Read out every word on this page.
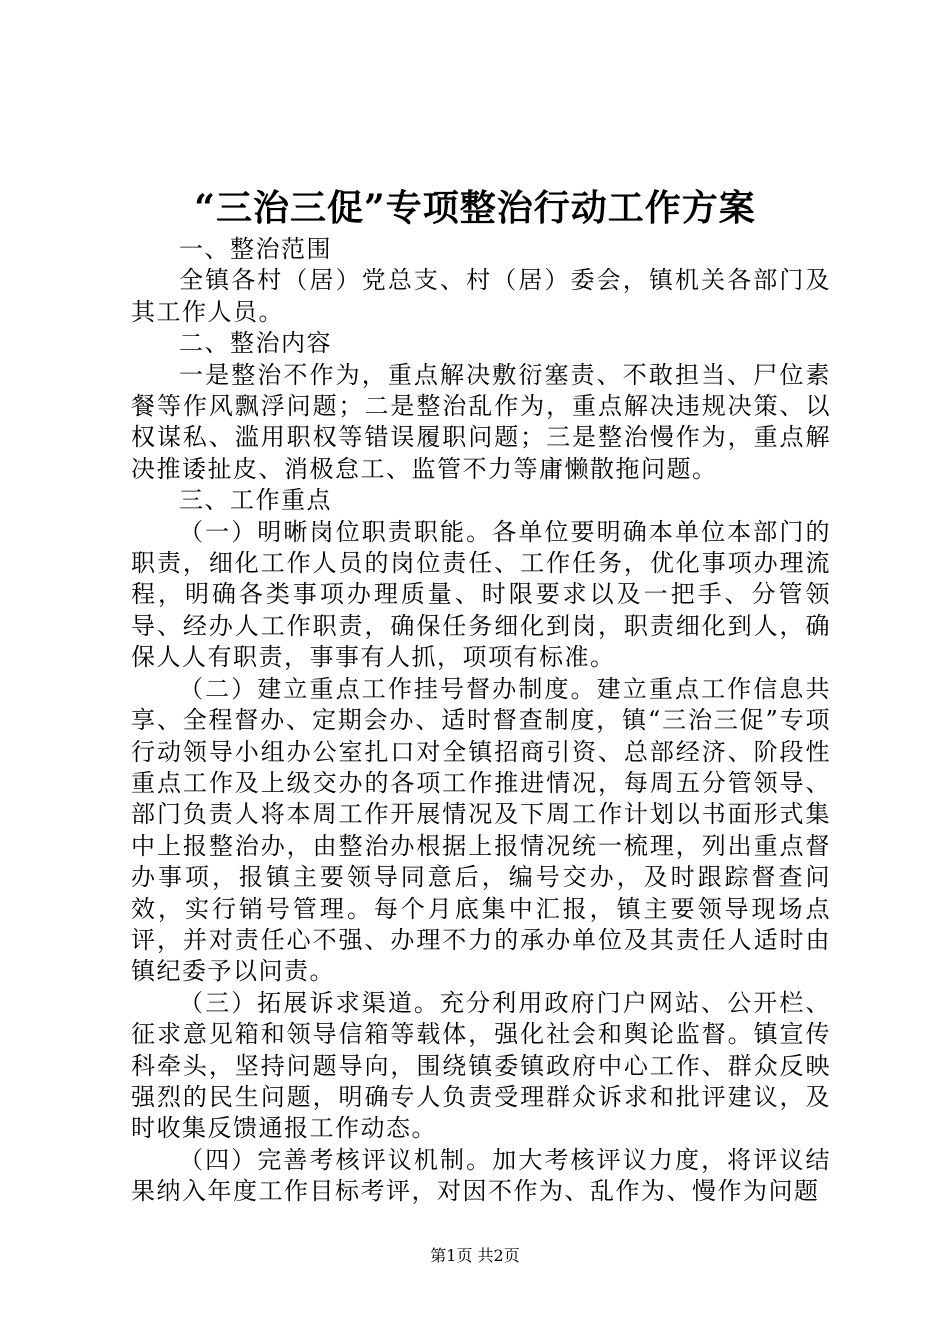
“三治三促”专项整治行动工作方案

一、整治范围

全镇各村（居）党总支、村（居）委会，镇机关各部门及其工作人员。

二、整治内容

一是整治不作为，重点解决敷衍塞责、不敢担当、尸位素餐等作风飘浮问题；二是整治乱作为，重点解决违规决策、以权谋私、滥用职权等错误履职问题；三是整治慢作为，重点解决推诿扯皮、消极怠工、监管不力等庸懒散拖问题。

三、工作重点

（一）明晰岗位职责职能。各单位要明确本单位本部门的职责，细化工作人员的岗位责任、工作任务，优化事项办理流程，明确各类事项办理质量、时限要求以及一把手、分管领导、经办人工作职责，确保任务细化到岗，职责细化到人，确保人人有职责，事事有人抓，项项有标准。

（二）建立重点工作挂号督办制度。建立重点工作信息共享、全程督办、定期会办、适时督查制度，镇“三治三促”专项行动领导小组办公室扎口对全镇招商引资、总部经济、阶段性重点工作及上级交办的各项工作推进情况，每周五分管领导、部门负责人将本周工作开展情况及下周工作计划以书面形式集中上报整治办，由整治办根据上报情况统一梳理，列出重点督办事项，报镇主要领导同意后，编号交办，及时跟踪督查问效，实行销号管理。每个月底集中汇报，镇主要领导现场点评，并对责任心不强、办理不力的承办单位及其责任人适时由镇纪委予以问责。

（三）拓展诉求渠道。充分利用政府门户网站、公开栏、征求意见箱和领导信箱等载体，强化社会和舆论监督。镇宣传科牵头，坚持问题导向，围绕镇委镇政府中心工作、群众反映强烈的民生问题，明确专人负责受理群众诉求和批评建议，及时收集反馈通报工作动态。

（四）完善考核评议机制。加大考核评议力度，将评议结果纳入年度工作目标考评，对因不作为、乱作为、慢作为问题

第1页 共2页
